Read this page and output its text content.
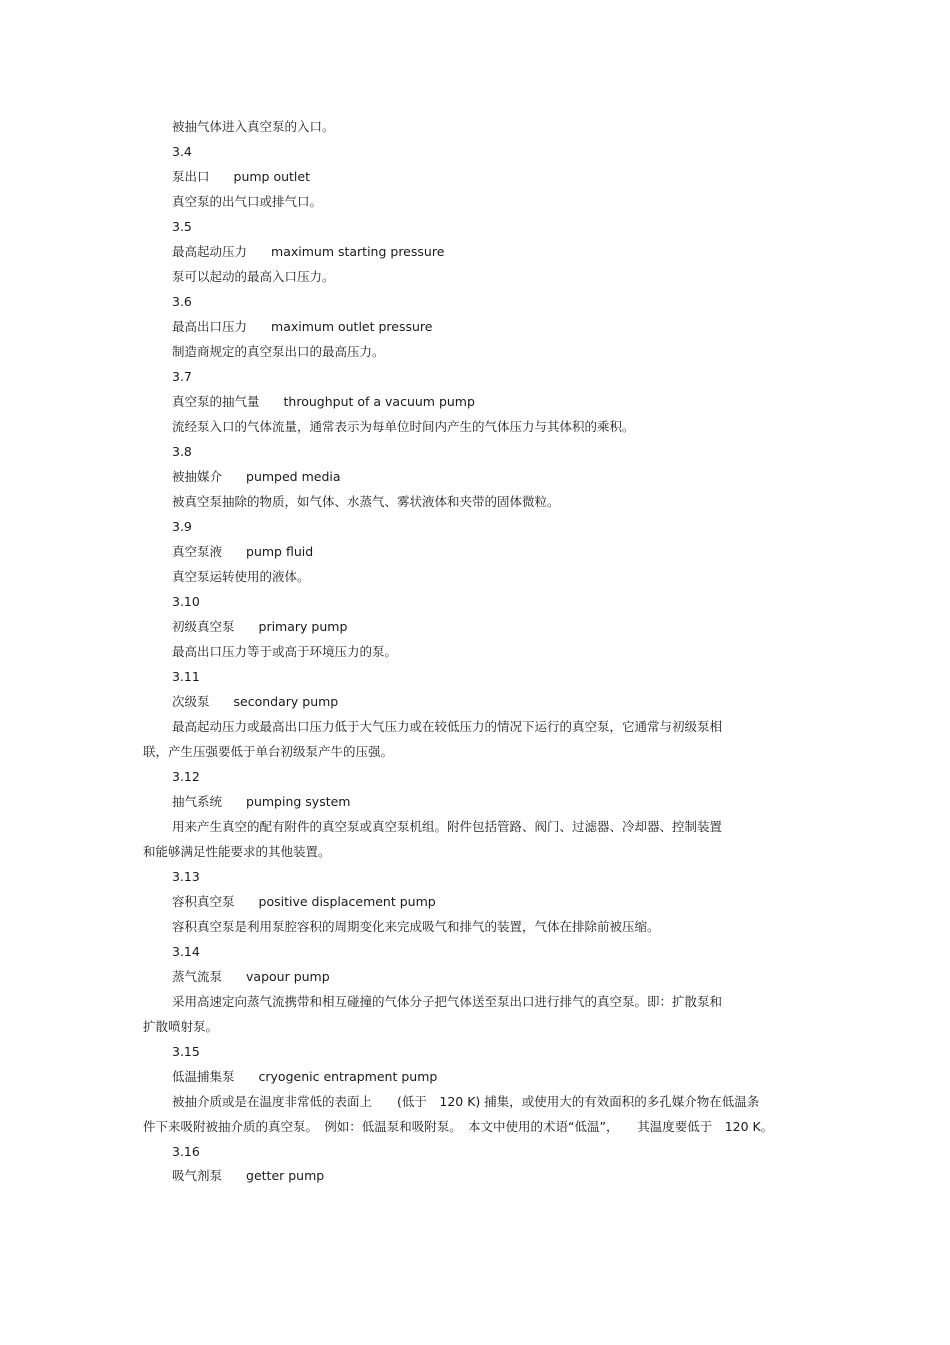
被抽气体进入真空泵的入口。
3.4
泵出口 pump outlet
真空泵的出气口或排气口。
3.5
最高起动压力 maximum starting pressure
泵可以起动的最高入口压力。
3.6
最高出口压力 maximum outlet pressure
制造商规定的真空泵出口的最高压力。
3.7
真空泵的抽气量 throughput of a vacuum pump
流经泵入口的气体流量，通常表示为每单位时间内产生的气体压力与其体积的乘积。
3.8
被抽媒介 pumped media
被真空泵抽除的物质，如气体、水蒸气、雾状液体和夹带的固体微粒。
3.9
真空泵液 pump fluid
真空泵运转使用的液体。
3.10
初级真空泵 primary pump
最高出口压力等于或高于环境压力的泵。
3.11
次级泵 secondary pump
最高起动压力或最高出口压力低于大气压力或在较低压力的情况下运行的真空泵，它通常与初级泵相
联，产生压强要低于单台初级泵产牛的压强。
3.12
抽气系统 pumping system
用来产生真空的配有附件的真空泵或真空泵机组。附件包括管路、阀门、过滤器、冷却器、控制装置
和能够满足性能要求的其他装置。
3.13
容积真空泵 positive displacement pump
容积真空泵是利用泵腔容积的周期变化来完成吸气和排气的装置，气体在排除前被压缩。
3.14
蒸气流泵 vapour pump
采用高速定向蒸气流携带和相互碰撞的气体分子把气体送至泵出口进行排气的真空泵。即：扩散泵和
扩散喷射泵。
3.15
低温捕集泵 cryogenic entrapment pump
被抽介质或是在温度非常低的表面上　　(低于　120 K) 捕集，或使用大的有效面积的多孔媒介物在低温条
件下来吸附被抽介质的真空泵。　例如：低温泵和吸附泵。　本文中使用的术语“低温”，　　其温度要低于　120 K。
3.16
吸气剂泵 getter pump
